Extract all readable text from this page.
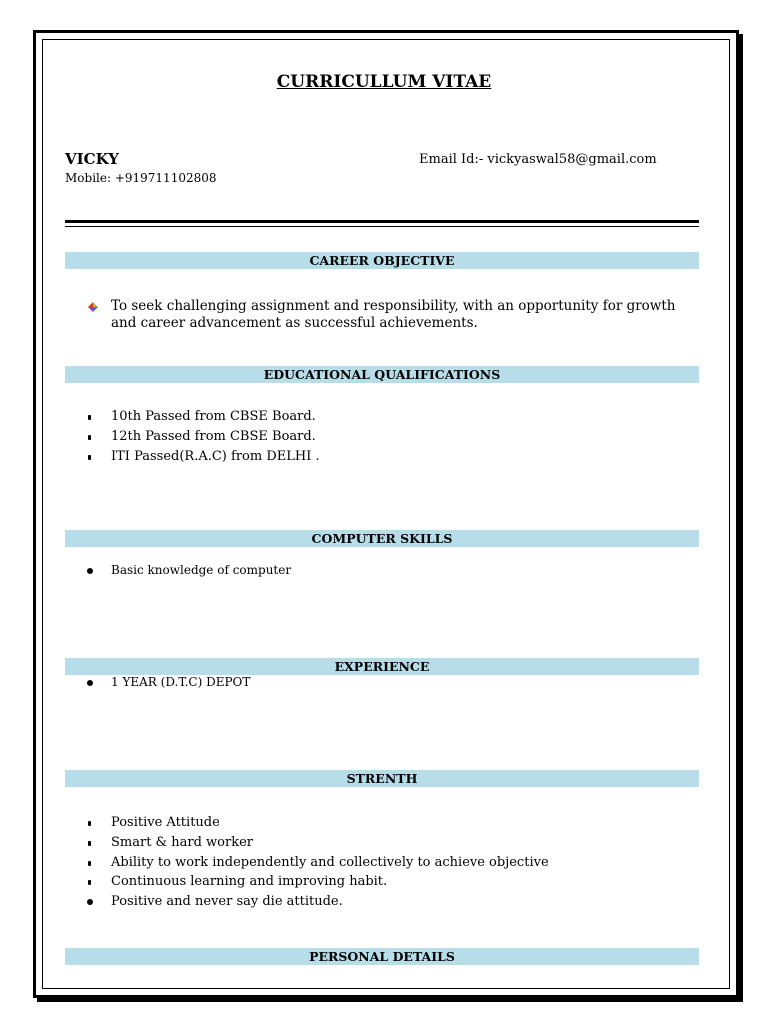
CURRICULLUM VITAE
VICKY	Email Id:- vickyaswal58@gmail.com
Mobile: +919711102808
CAREER OBJECTIVE
To seek challenging assignment and responsibility, with an opportunity for growth and career advancement as successful achievements.
EDUCATIONAL QUALIFICATIONS
10th Passed from CBSE Board.
12th Passed from CBSE Board.
ITI Passed(R.A.C) from DELHI .
COMPUTER SKILLS
Basic knowledge of computer
EXPERIENCE
1 YEAR (D.T.C) DEPOT
STRENTH
Positive Attitude
Smart & hard worker
Ability to work independently and collectively to achieve objective
Continuous learning and improving habit.
Positive and never say die attitude.
PERSONAL DETAILS
